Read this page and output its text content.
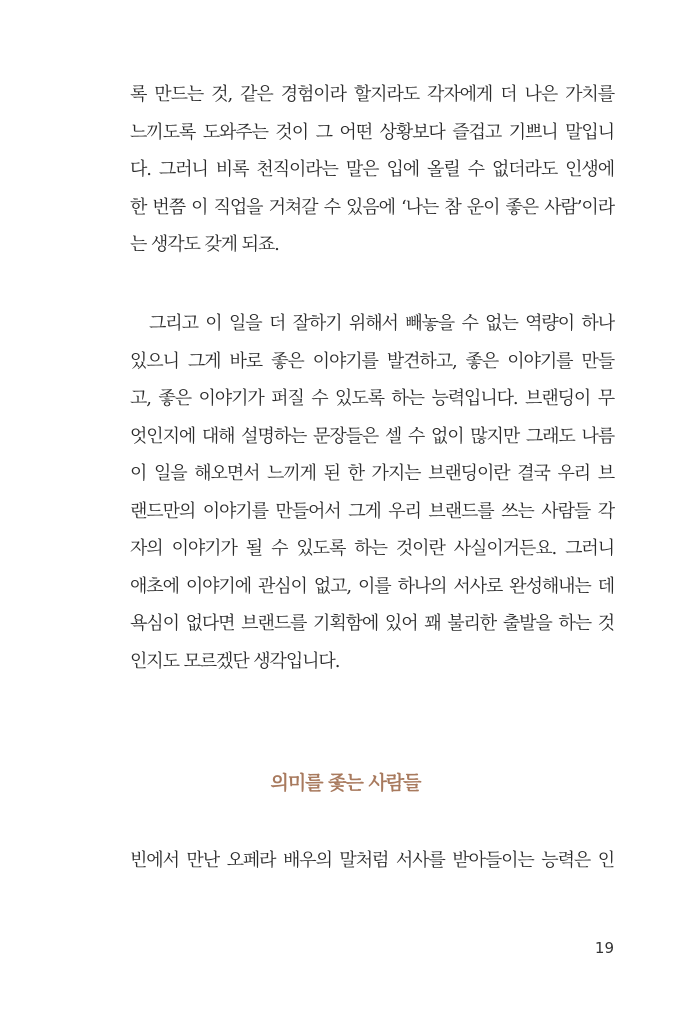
록 만드는 것, 같은 경험이라 할지라도 각자에게 더 나은 가치를
느끼도록 도와주는 것이 그 어떤 상황보다 즐겁고 기쁘니 말입니
다. 그러니 비록 천직이라는 말은 입에 올릴 수 없더라도 인생에
한 번쯤 이 직업을 거쳐갈 수 있음에 ‘나는 참 운이 좋은 사람’이라
는 생각도 갖게 되죠.
그리고 이 일을 더 잘하기 위해서 빼놓을 수 없는 역량이 하나
있으니 그게 바로 좋은 이야기를 발견하고, 좋은 이야기를 만들
고, 좋은 이야기가 퍼질 수 있도록 하는 능력입니다. 브랜딩이 무
엇인지에 대해 설명하는 문장들은 셀 수 없이 많지만 그래도 나름
이 일을 해오면서 느끼게 된 한 가지는 브랜딩이란 결국 우리 브
랜드만의 이야기를 만들어서 그게 우리 브랜드를 쓰는 사람들 각
자의 이야기가 될 수 있도록 하는 것이란 사실이거든요. 그러니
애초에 이야기에 관심이 없고, 이를 하나의 서사로 완성해내는 데
욕심이 없다면 브랜드를 기획함에 있어 꽤 불리한 출발을 하는 것
인지도 모르겠단 생각입니다.
의미를 좇는 사람들
빈에서 만난 오페라 배우의 말처럼 서사를 받아들이는 능력은 인
19
